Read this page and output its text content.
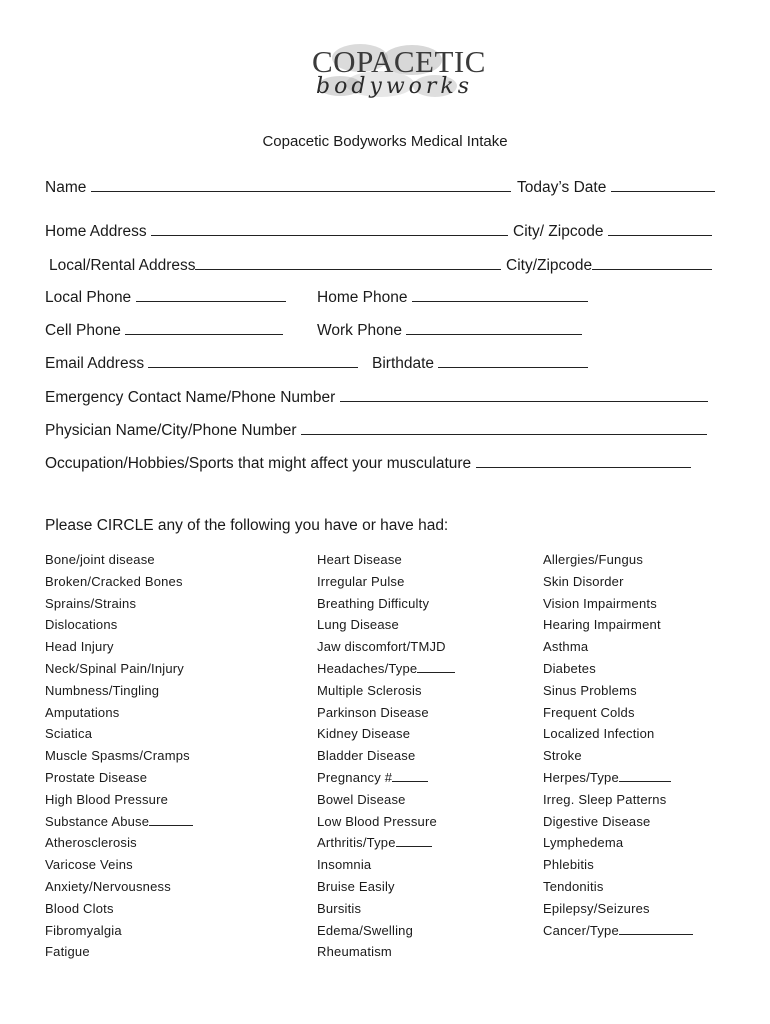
COPACETIC
bodyworks
Copacetic Bodyworks Medical Intake
Name	Today’s Date
Home Address	City/ Zipcode
Local/Rental Address	City/Zipcode
Local Phone	Home Phone
Cell Phone	Work Phone
Email Address	Birthdate
Emergency Contact Name/Phone Number
Physician Name/City/Phone Number
Occupation/Hobbies/Sports that might affect your musculature
Please CIRCLE any of the following you have or have had:
Bone/joint disease
Broken/Cracked Bones
Sprains/Strains
Dislocations
Head Injury
Neck/Spinal Pain/Injury
Numbness/Tingling
Amputations
Sciatica
Muscle Spasms/Cramps
Prostate Disease
High Blood Pressure
Substance Abuse
Atherosclerosis
Varicose Veins
Anxiety/Nervousness
Blood Clots
Fibromyalgia
Fatigue
Heart Disease
Irregular Pulse
Breathing Difficulty
Lung Disease
Jaw discomfort/TMJD
Headaches/Type
Multiple Sclerosis
Parkinson Disease
Kidney Disease
Bladder Disease
Pregnancy #
Bowel Disease
Low Blood Pressure
Arthritis/Type
Insomnia
Bruise Easily
Bursitis
Edema/Swelling
Rheumatism
Allergies/Fungus
Skin Disorder
Vision Impairments
Hearing Impairment
Asthma
Diabetes
Sinus Problems
Frequent Colds
Localized Infection
Stroke
Herpes/Type
Irreg. Sleep Patterns
Digestive Disease
Lymphedema
Phlebitis
Tendonitis
Epilepsy/Seizures
Cancer/Type
